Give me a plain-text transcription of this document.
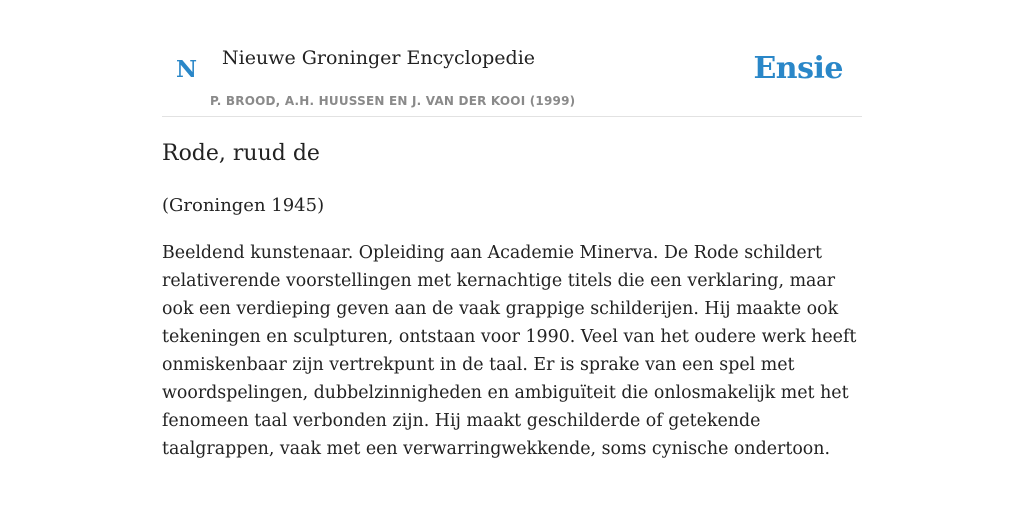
N Nieuwe Groninger Encyclopedie
P. BROOD, A.H. HUUSSEN EN J. VAN DER KOOI (1999)
Ensie
Rode, ruud de
(Groningen 1945)

Beeldend kunstenaar. Opleiding aan Academie Minerva. De Rode schildert relativerende voorstellingen met kernachtige titels die een verklaring, maar ook een verdieping geven aan de vaak grappige schilderijen. Hij maakte ook tekeningen en sculpturen, ontstaan voor 1990. Veel van het oudere werk heeft onmiskenbaar zijn vertrekpunt in de taal. Er is sprake van een spel met woordspelingen, dubbelzinnigheden en ambiguïteit die onlosmakelijk met het fenomeen taal verbonden zijn. Hij maakt geschilderde of getekende taalgrappen, vaak met een verwarringwekkende, soms cynische ondertoon.
